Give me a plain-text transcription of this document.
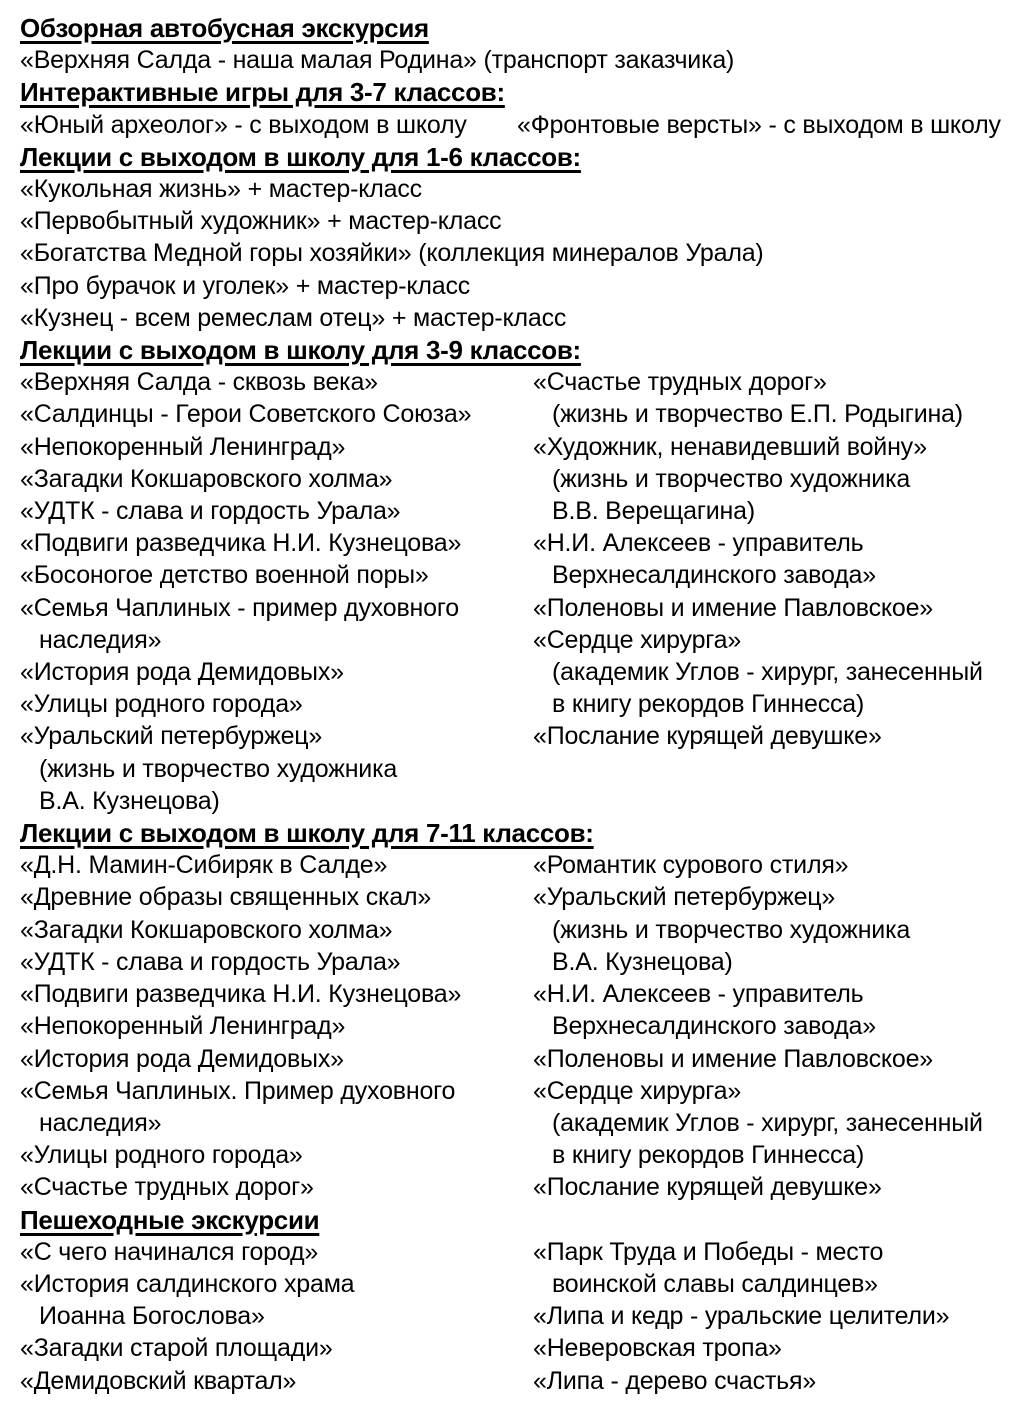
Обзорная автобусная экскурсия
«Верхняя Салда - наша малая Родина» (транспорт заказчика)
Интерактивные игры для 3-7 классов:
«Юный археолог» - с выходом в школу	«Фронтовые версты» - с выходом в школу
Лекции с выходом в школу для 1-6 классов:
«Кукольная жизнь» + мастер-класс
«Первобытный художник» + мастер-класс
«Богатства Медной горы хозяйки» (коллекция минералов Урала)
«Про бурачок и уголек» + мастер-класс
«Кузнец - всем ремеслам отец» + мастер-класс
Лекции с выходом в школу для 3-9 классов:
«Верхняя Салда - сквозь века»
«Салдинцы - Герои Советского Союза»
«Непокоренный Ленинград»
«Загадки Кокшаровского холма»
«УДТК - слава и гордость Урала»
«Подвиги разведчика Н.И. Кузнецова»
«Босоногое детство военной поры»
«Семья Чаплиных - пример духовного
наследия»
«История рода Демидовых»
«Улицы родного города»
«Уральский петербуржец»
(жизнь и творчество художника
В.А. Кузнецова)
«Счастье трудных дорог»
(жизнь и творчество Е.П. Родыгина)
«Художник, ненавидевший войну»
(жизнь и творчество художника
В.В. Верещагина)
«Н.И. Алексеев - управитель
Верхнесалдинского завода»
«Поленовы и имение Павловское»
«Сердце хирурга»
(академик Углов - хирург, занесенный
в книгу рекордов Гиннесса)
«Послание курящей девушке»
Лекции с выходом в школу для 7-11 классов:
«Д.Н. Мамин-Сибиряк в Салде»
«Древние образы священных скал»
«Загадки Кокшаровского холма»
«УДТК - слава и гордость Урала»
«Подвиги разведчика Н.И. Кузнецова»
«Непокоренный Ленинград»
«История рода Демидовых»
«Семья Чаплиных. Пример духовного
наследия»
«Улицы родного города»
«Счастье трудных дорог»
«Романтик сурового стиля»
«Уральский петербуржец»
(жизнь и творчество художника
В.А. Кузнецова)
«Н.И. Алексеев - управитель
Верхнесалдинского завода»
«Поленовы и имение Павловское»
«Сердце хирурга»
(академик Углов - хирург, занесенный
в книгу рекордов Гиннесса)
«Послание курящей девушке»
Пешеходные экскурсии
«С чего начинался город»
«История салдинского храма
Иоанна Богослова»
«Загадки старой площади»
«Демидовский квартал»
«Парк Труда и Победы - место
воинской славы салдинцев»
«Липа и кедр - уральские целители»
«Неверовская тропа»
«Липа - дерево счастья»
